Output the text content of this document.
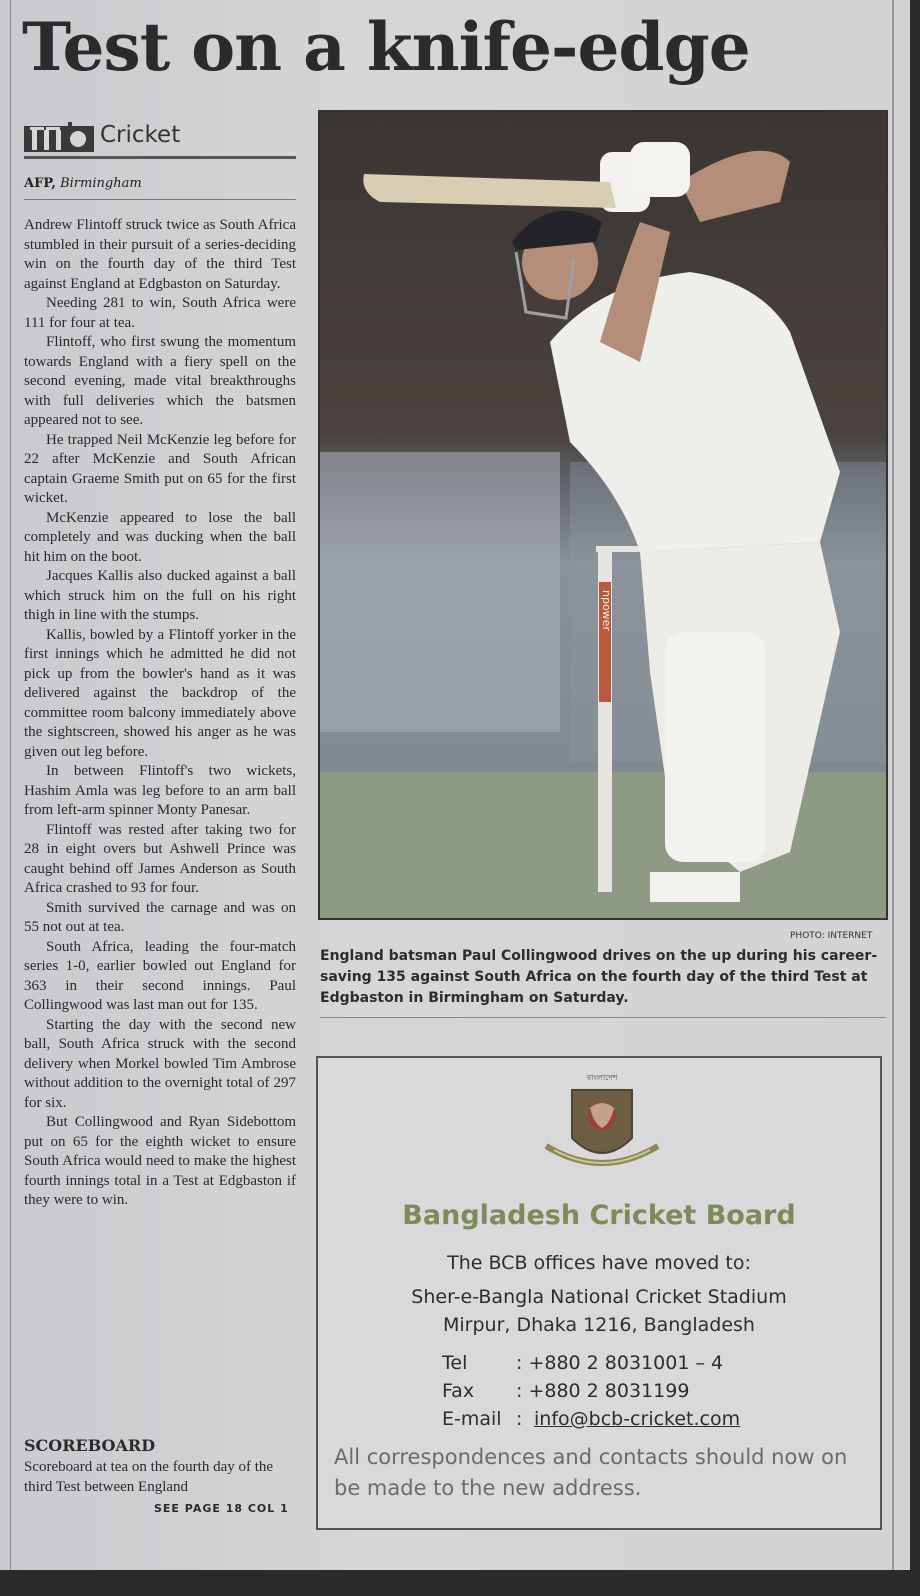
Test on a knife-edge
Cricket
AFP, Birmingham

Andrew Flintoff struck twice as South Africa stumbled in their pursuit of a series-deciding win on the fourth day of the third Test against England at Edgbaston on Saturday.

Needing 281 to win, South Africa were 111 for four at tea.

Flintoff, who first swung the momentum towards England with a fiery spell on the second evening, made vital breakthroughs with full deliveries which the batsmen appeared not to see.

He trapped Neil McKenzie leg before for 22 after McKenzie and South African captain Graeme Smith put on 65 for the first wicket.

McKenzie appeared to lose the ball completely and was ducking when the ball hit him on the boot.

Jacques Kallis also ducked against a ball which struck him on the full on his right thigh in line with the stumps.

Kallis, bowled by a Flintoff yorker in the first innings which he admitted he did not pick up from the bowler's hand as it was delivered against the backdrop of the committee room balcony immediately above the sightscreen, showed his anger as he was given out leg before.

In between Flintoff's two wickets, Hashim Amla was leg before to an arm ball from left-arm spinner Monty Panesar.

Flintoff was rested after taking two for 28 in eight overs but Ashwell Prince was caught behind off James Anderson as South Africa crashed to 93 for four.

Smith survived the carnage and was on 55 not out at tea.

South Africa, leading the four-match series 1-0, earlier bowled out England for 363 in their second innings. Paul Collingwood was last man out for 135.

Starting the day with the second new ball, South Africa struck with the second delivery when Morkel bowled Tim Ambrose without addition to the overnight total of 297 for six.

But Collingwood and Ryan Sidebottom put on 65 for the eighth wicket to ensure South Africa would need to make the highest fourth innings total in a Test at Edgbaston if they were to win.

SCOREBOARD
Scoreboard at tea on the fourth day of the third Test between England
SEE PAGE 18 COL 1
npower
PHOTO: INTERNET
England batsman Paul Collingwood drives on the up during his career-saving 135 against South Africa on the fourth day of the third Test at Edgbaston in Birmingham on Saturday.
বাংলাদেশ
Bangladesh Cricket Board
The BCB offices have moved to:
Sher-e-Bangla National Cricket Stadium
Mirpur, Dhaka 1216, Bangladesh
Tel	: +880 2 8031001 – 4
Fax : +880 2 8031199
E-mail : info@bcb-cricket.com
All correspondences and contacts should now on be made to the new address.
